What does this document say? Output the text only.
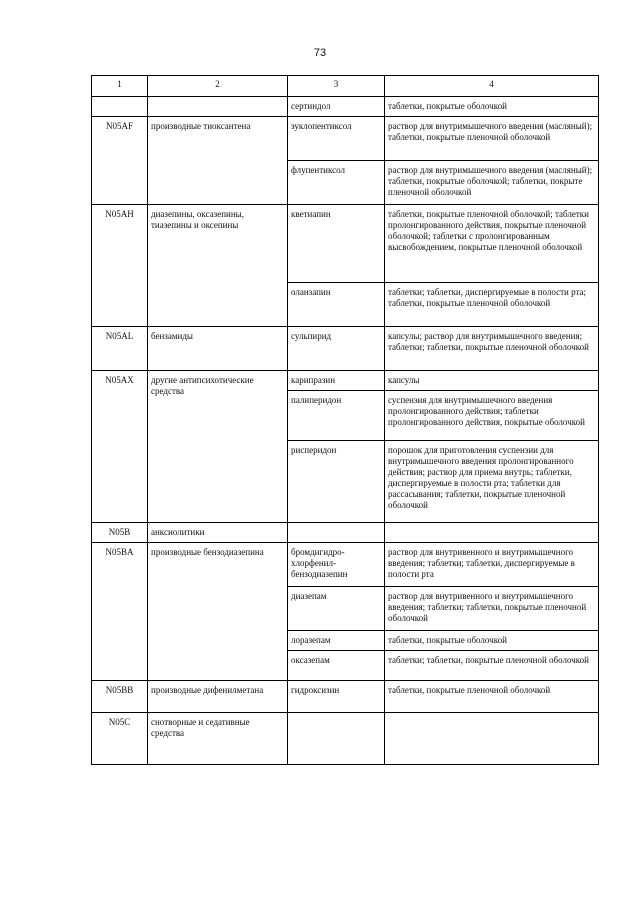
73
1	2	3	4
		сертиндол	таблетки, покрытые оболочкой
N05AF	производные тиоксантена	зуклопентиксол	раствор для внутримышечного введения (масляный); таблетки, покрытые пленочной оболочкой
		флупентиксол	раствор для внутримышечного введения (масляный); таблетки, покрытые оболочкой; таблетки, покрыте пленочной оболочкой
N05AH	диазепины, оксазепины, тиазепины и оксепины	кветиапин	таблетки, покрытые пленочной оболочкой; таблетки пролонгированного действия, покрытые пленочной оболочкой; таблетки с пролонгированным высвобождением, покрытые пленочной оболочкой
		оланзапин	таблетки; таблетки, диспергируемые в полости рта; таблетки, покрытые пленочной оболочкой
N05AL	бензамиды	сульпирид	капсулы; раствор для внутримышечного введения; таблетки; таблетки, покрытые пленочной оболочкой
N05AX	другие антипсихотические средства	карипразин	капсулы
		палиперидон	суспензия для внутримышечного введения пролонгированного действия; таблетки пролонгированного действия, покрытые оболочкой
		рисперидон	порошок для приготовления суспензии для внутримышечного введения пролонгированного действия; раствор для приема внутрь; таблетки, диспергируемые в полости рта; таблетки для рассасывания; таблетки, покрытые пленочной оболочкой
N05B	анксиолитики		
N05BA	производные бензодиазепина	бромдигидро-хлорфенил-бензодиазепин	раствор для внутривенного и внутримышечного введения; таблетки; таблетки, диспергируемые в полости рта
		диазепам	раствор для внутривенного и внутримышечного введения; таблетки; таблетки, покрытые пленочной оболочкой
		лоразепам	таблетки, покрытые оболочкой
		оксазепам	таблетки; таблетки, покрытые пленочной оболочкой
N05BB	производные дифенилметана	гидроксизин	таблетки, покрытые пленочной оболочкой
N05C	снотворные и седативные средства		
